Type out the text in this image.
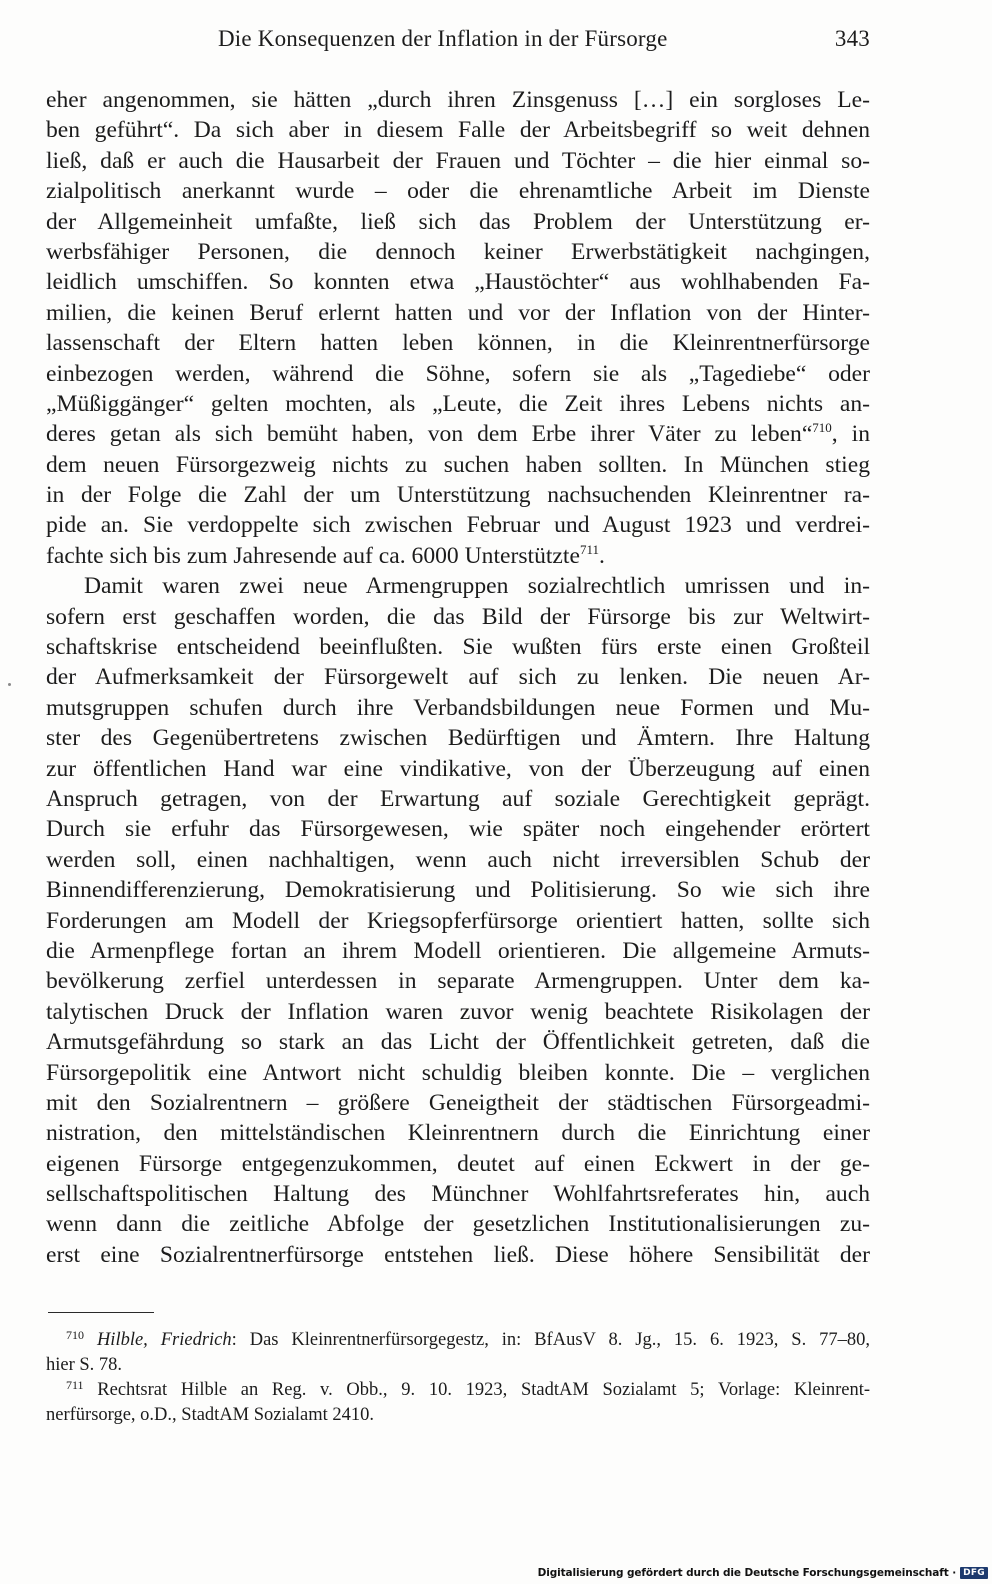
Die Konsequenzen der Inflation in der Fürsorge	343
eher angenommen, sie hätten „durch ihren Zinsgenuss […] ein sorgloses Le-
ben geführt“. Da sich aber in diesem Falle der Arbeitsbegriff so weit dehnen
ließ, daß er auch die Hausarbeit der Frauen und Töchter – die hier einmal so-
zialpolitisch anerkannt wurde – oder die ehrenamtliche Arbeit im Dienste
der Allgemeinheit umfaßte, ließ sich das Problem der Unterstützung er-
werbsfähiger Personen, die dennoch keiner Erwerbstätigkeit nachgingen,
leidlich umschiffen. So konnten etwa „Haustöchter“ aus wohlhabenden Fa-
milien, die keinen Beruf erlernt hatten und vor der Inflation von der Hinter-
lassenschaft der Eltern hatten leben können, in die Kleinrentnerfürsorge
einbezogen werden, während die Söhne, sofern sie als „Tagediebe“ oder
„Müßiggänger“ gelten mochten, als „Leute, die Zeit ihres Lebens nichts an-
deres getan als sich bemüht haben, von dem Erbe ihrer Väter zu leben“$^{710}$, in
dem neuen Fürsorgezweig nichts zu suchen haben sollten. In München stieg
in der Folge die Zahl der um Unterstützung nachsuchenden Kleinrentner ra-
pide an. Sie verdoppelte sich zwischen Februar und August 1923 und verdrei-
fachte sich bis zum Jahresende auf ca. 6000 Unterstützte$^{711}$.
Damit waren zwei neue Armengruppen sozialrechtlich umrissen und in-
sofern erst geschaffen worden, die das Bild der Fürsorge bis zur Weltwirt-
schaftskrise entscheidend beeinflußten. Sie wußten fürs erste einen Großteil
der Aufmerksamkeit der Fürsorgewelt auf sich zu lenken. Die neuen Ar-
mutsgruppen schufen durch ihre Verbandsbildungen neue Formen und Mu-
ster des Gegenübertretens zwischen Bedürftigen und Ämtern. Ihre Haltung
zur öffentlichen Hand war eine vindikative, von der Überzeugung auf einen
Anspruch getragen, von der Erwartung auf soziale Gerechtigkeit geprägt.
Durch sie erfuhr das Fürsorgewesen, wie später noch eingehender erörtert
werden soll, einen nachhaltigen, wenn auch nicht irreversiblen Schub der
Binnendifferenzierung, Demokratisierung und Politisierung. So wie sich ihre
Forderungen am Modell der Kriegsopferfürsorge orientiert hatten, sollte sich
die Armenpflege fortan an ihrem Modell orientieren. Die allgemeine Armuts-
bevölkerung zerfiel unterdessen in separate Armengruppen. Unter dem ka-
talytischen Druck der Inflation waren zuvor wenig beachtete Risikolagen der
Armutsgefährdung so stark an das Licht der Öffentlichkeit getreten, daß die
Fürsorgepolitik eine Antwort nicht schuldig bleiben konnte. Die – verglichen
mit den Sozialrentnern – größere Geneigtheit der städtischen Fürsorgeadmi-
nistration, den mittelständischen Kleinrentnern durch die Einrichtung einer
eigenen Fürsorge entgegenzukommen, deutet auf einen Eckwert in der ge-
sellschaftspolitischen Haltung des Münchner Wohlfahrtsreferates hin, auch
wenn dann die zeitliche Abfolge der gesetzlichen Institutionalisierungen zu-
erst eine Sozialrentnerfürsorge entstehen ließ. Diese höhere Sensibilität der
$^{710}$ Hilble, Friedrich: Das Kleinrentnerfürsorgegestz, in: BfAusV 8. Jg., 15. 6. 1923, S. 77–80,
hier S. 78.
$^{711}$ Rechtsrat Hilble an Reg. v. Obb., 9. 10. 1923, StadtAM Sozialamt 5; Vorlage: Kleinrent-
nerfürsorge, o.D., StadtAM Sozialamt 2410.
Digitalisierung gefördert durch die Deutsche Forschungsgemeinschaft · DFG
